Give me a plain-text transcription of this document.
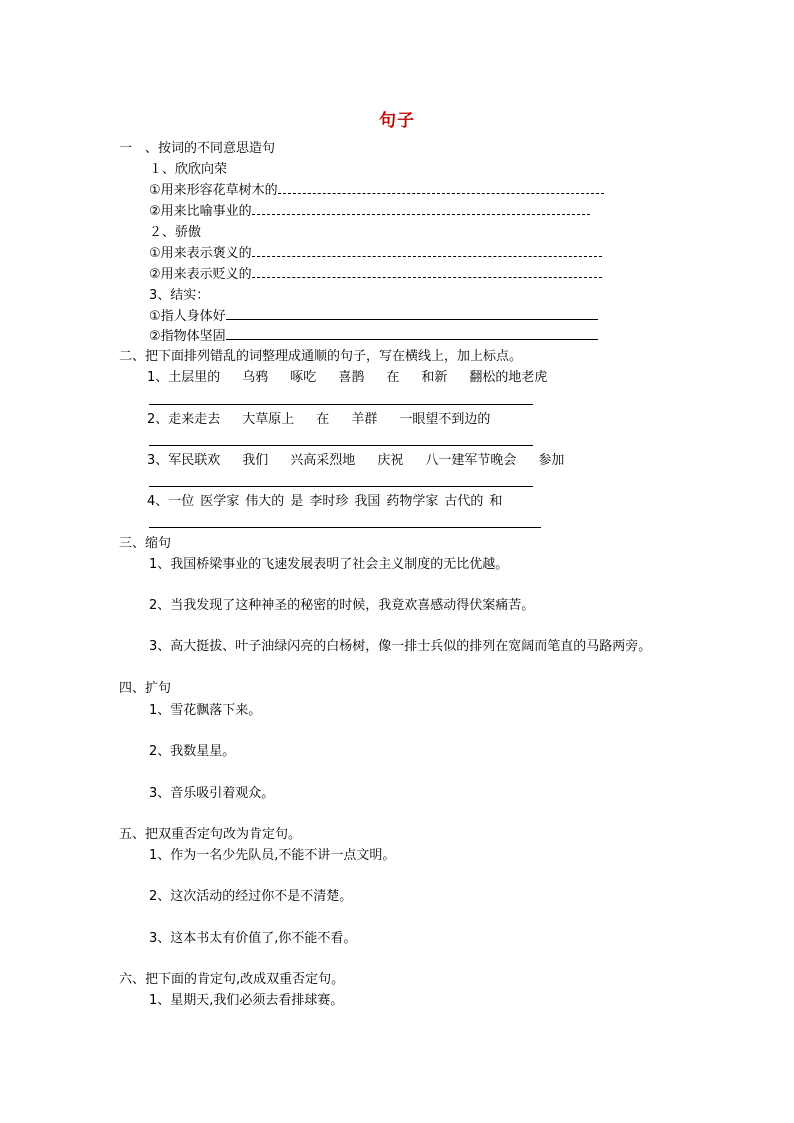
句子
一　、按词的不同意思造句
１、欣欣向荣
①用来形容花草树木的
②用来比喻事业的
２、骄傲
①用来表示褒义的
②用来表示贬义的
3、结实：
①指人身体好
②指物体坚固
二、把下面排列错乱的词整理成通顺的句子，写在横线上，加上标点。
1、土层里的 乌鸦 啄吃 喜鹊 在 和新 翻松的地老虎
2、走来走去 大草原上 在 羊群 一眼望不到边的
3、军民联欢 我们 兴高采烈地 庆祝 八一建军节晚会 参加
4、一位 医学家 伟大的 是 李时珍 我国 药物学家 古代的 和
三、缩句
1、我国桥梁事业的飞速发展表明了社会主义制度的无比优越。
2、当我发现了这种神圣的秘密的时候，我竟欢喜感动得伏案痛苦。
3、高大挺拔、叶子油绿闪亮的白杨树，像一排士兵似的排列在宽阔而笔直的马路两旁。
四、扩句
1、雪花飘落下来。
2、我数星星。
3、音乐吸引着观众。
五、把双重否定句改为肯定句。
1、作为一名少先队员,不能不讲一点文明。
2、这次活动的经过你不是不清楚。
3、这本书太有价值了,你不能不看。
六、把下面的肯定句,改成双重否定句。
1、星期天,我们必须去看排球赛。
